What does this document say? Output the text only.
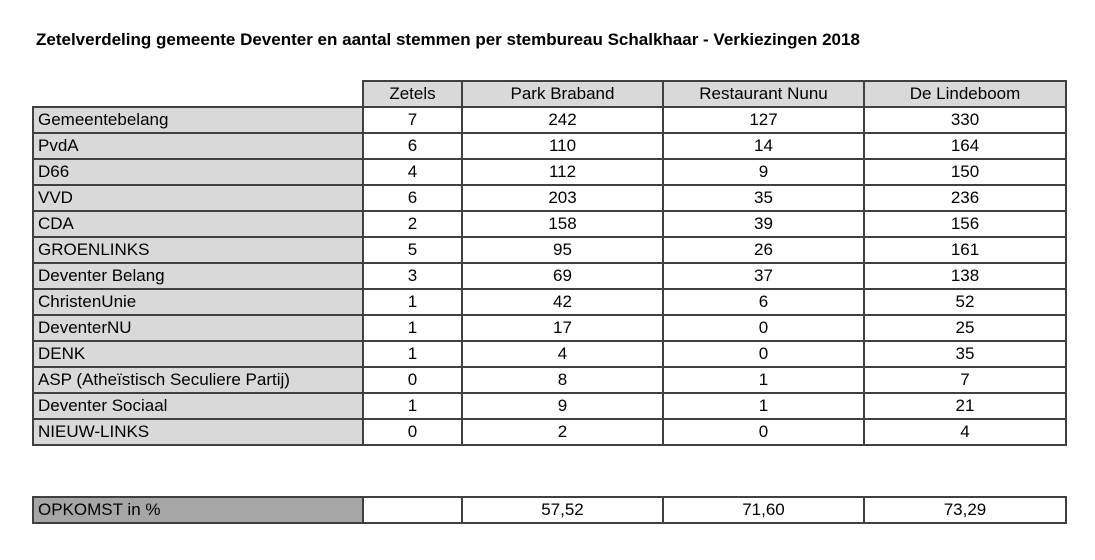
Zetelverdeling gemeente Deventer en aantal stemmen per stembureau Schalkhaar - Verkiezingen 2018
	Zetels	Park Braband	Restaurant Nunu	De Lindeboom
Gemeentebelang	7	242	127	330
PvdA	6	110	14	164
D66	4	112	9	150
VVD	6	203	35	236
CDA	2	158	39	156
GROENLINKS	5	95	26	161
Deventer Belang	3	69	37	138
ChristenUnie	1	42	6	52
DeventerNU	1	17	0	25
DENK	1	4	0	35
ASP (Atheïstisch Seculiere Partij)	0	8	1	7
Deventer Sociaal	1	9	1	21
NIEUW-LINKS	0	2	0	4
OPKOMST in %		57,52	71,60	73,29
